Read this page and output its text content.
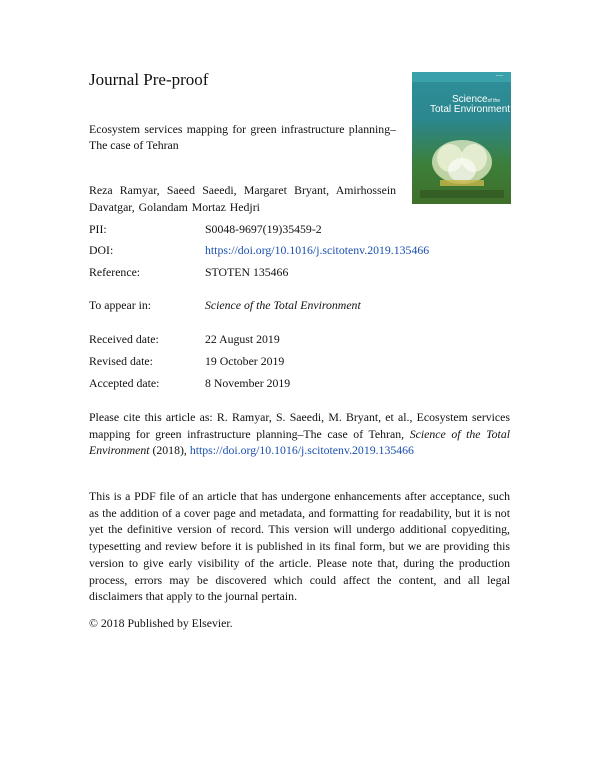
Journal Pre-proof	──
Scienceof the
Total Environment
Ecosystem services mapping for green infrastructure planning–The case of Tehran
Reza Ramyar, Saeed Saeedi, Margaret Bryant, Amirhossein Davatgar, Golandam Mortaz Hedjri
PII:	S0048-9697(19)35459-2
DOI:	https://doi.org/10.1016/j.scitotenv.2019.135466
Reference:	STOTEN 135466
To appear in:	Science of the Total Environment
Received date:	22 August 2019
Revised date:	19 October 2019
Accepted date:	8 November 2019
Please cite this article as: R. Ramyar, S. Saeedi, M. Bryant, et al., Ecosystem services mapping for green infrastructure planning–The case of Tehran, Science of the Total Environment (2018), https://doi.org/10.1016/j.scitotenv.2019.135466
This is a PDF file of an article that has undergone enhancements after acceptance, such as the addition of a cover page and metadata, and formatting for readability, but it is not yet the definitive version of record. This version will undergo additional copyediting, typesetting and review before it is published in its final form, but we are providing this version to give early visibility of the article. Please note that, during the production process, errors may be discovered which could affect the content, and all legal disclaimers that apply to the journal pertain.
© 2018 Published by Elsevier.
